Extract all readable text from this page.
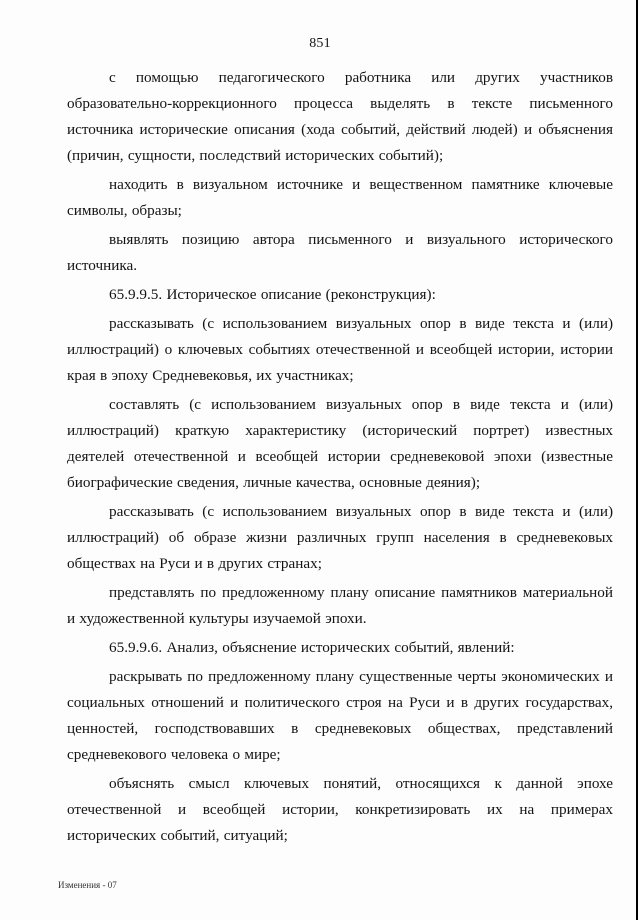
851

с помощью педагогического работника или других участников образовательно-коррекционного процесса выделять в тексте письменного источника исторические описания (хода событий, действий людей) и объяснения (причин, сущности, последствий исторических событий);

находить в визуальном источнике и вещественном памятнике ключевые символы, образы;

выявлять позицию автора письменного и визуального исторического источника.

65.9.9.5. Историческое описание (реконструкция):

рассказывать (с использованием визуальных опор в виде текста и (или) иллюстраций) о ключевых событиях отечественной и всеобщей истории, истории края в эпоху Средневековья, их участниках;

составлять (с использованием визуальных опор в виде текста и (или) иллюстраций) краткую характеристику (исторический портрет) известных деятелей отечественной и всеобщей истории средневековой эпохи (известные биографические сведения, личные качества, основные деяния);

рассказывать (с использованием визуальных опор в виде текста и (или) иллюстраций) об образе жизни различных групп населения в средневековых обществах на Руси и в других странах;

представлять по предложенному плану описание памятников материальной и художественной культуры изучаемой эпохи.

65.9.9.6. Анализ, объяснение исторических событий, явлений:

раскрывать по предложенному плану существенные черты экономических и социальных отношений и политического строя на Руси и в других государствах, ценностей, господствовавших в средневековых обществах, представлений средневекового человека о мире;

объяснять смысл ключевых понятий, относящихся к данной эпохе отечественной и всеобщей истории, конкретизировать их на примерах исторических событий, ситуаций;

Изменения - 07
